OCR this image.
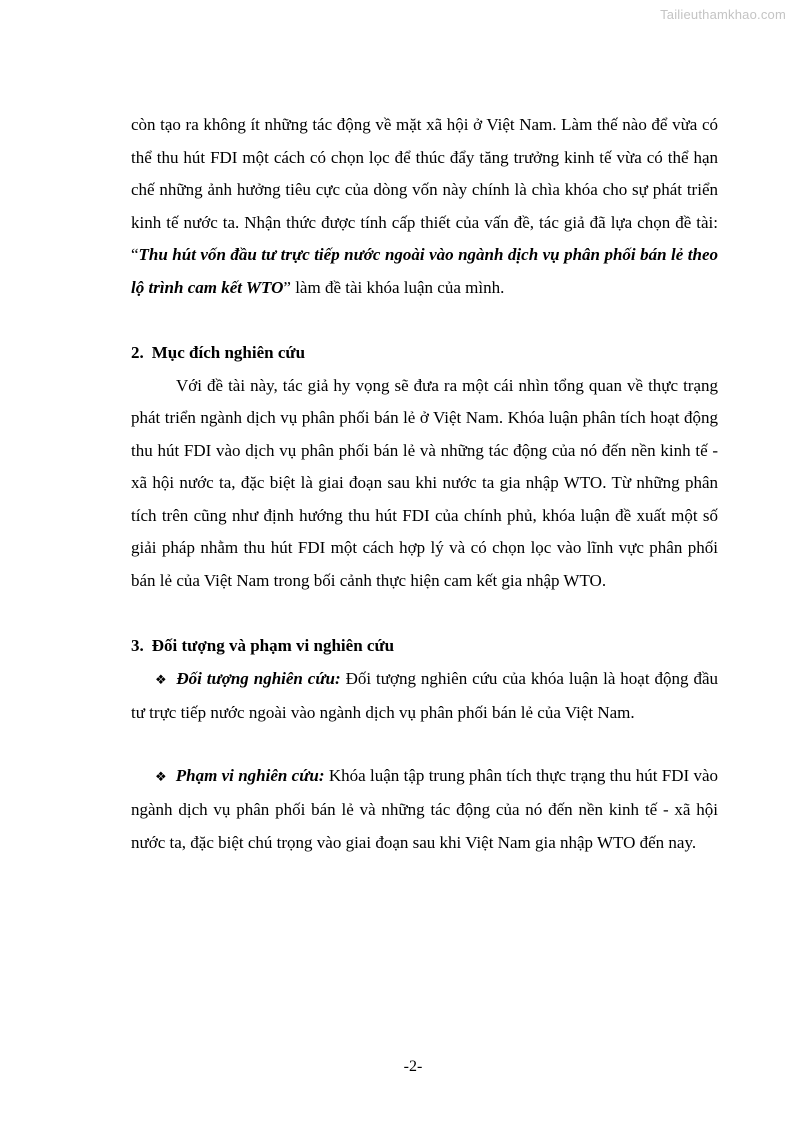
Tailieuthamkhao.com

còn tạo ra không ít những tác động về mặt xã hội ở Việt Nam. Làm thế nào để vừa có thể thu hút FDI một cách có chọn lọc để thúc đẩy tăng trưởng kinh tế vừa có thể hạn chế những ảnh hưởng tiêu cực của dòng vốn này chính là chìa khóa cho sự phát triển kinh tế nước ta. Nhận thức được tính cấp thiết của vấn đề, tác giả đã lựa chọn đề tài: “Thu hút vốn đầu tư trực tiếp nước ngoài vào ngành dịch vụ phân phối bán lẻ theo lộ trình cam kết WTO” làm đề tài khóa luận của mình.

2. Mục đích nghiên cứu

Với đề tài này, tác giả hy vọng sẽ đưa ra một cái nhìn tổng quan về thực trạng phát triển ngành dịch vụ phân phối bán lẻ ở Việt Nam. Khóa luận phân tích hoạt động thu hút FDI vào dịch vụ phân phối bán lẻ và những tác động của nó đến nền kinh tế - xã hội nước ta, đặc biệt là giai đoạn sau khi nước ta gia nhập WTO. Từ những phân tích trên cũng như định hướng thu hút FDI của chính phủ, khóa luận đề xuất một số giải pháp nhằm thu hút FDI một cách hợp lý và có chọn lọc vào lĩnh vực phân phối bán lẻ của Việt Nam trong bối cảnh thực hiện cam kết gia nhập WTO.

3. Đối tượng và phạm vi nghiên cứu

❖ Đối tượng nghiên cứu: Đối tượng nghiên cứu của khóa luận là hoạt động đầu tư trực tiếp nước ngoài vào ngành dịch vụ phân phối bán lẻ của Việt Nam.

❖ Phạm vi nghiên cứu: Khóa luận tập trung phân tích thực trạng thu hút FDI vào ngành dịch vụ phân phối bán lẻ và những tác động của nó đến nền kinh tế - xã hội nước ta, đặc biệt chú trọng vào giai đoạn sau khi Việt Nam gia nhập WTO đến nay.

-2-
